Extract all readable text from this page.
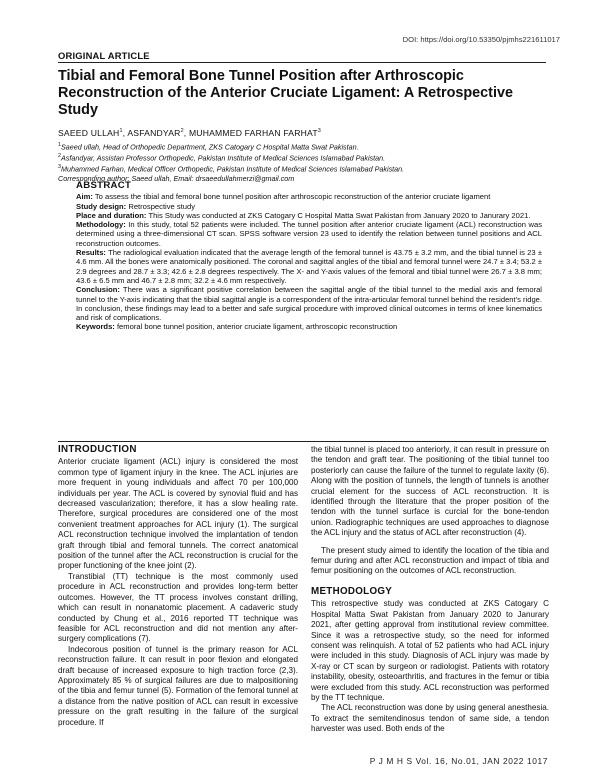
DOI: https://doi.org/10.53350/pjmhs221611017
ORIGINAL ARTICLE
Tibial and Femoral Bone Tunnel Position after Arthroscopic Reconstruction of the Anterior Cruciate Ligament: A Retrospective Study
SAEED ULLAH$^1$, ASFANDYAR$^2$, MUHAMMED FARHAN FARHAT$^3$
$^1$Saeed ullah, Head of Orthopedic Department, ZKS Catogary C Hospital Matta Swat Pakistan.
$^2$Asfandyar, Assistan Professor Orthopedic, Pakistan Institute of Medical Sciences Islamabad Pakistan.
$^3$Muhammed Farhan, Medical Officer Orthopedic, Pakistan Institute of Medical Sciences Islamabad Pakistan.
Corresponding author: Saeed ullah, Email: drsaeedullahmerzi@gmail.com
ABSTRACT

Aim: To assess the tibial and femoral bone tunnel position after arthroscopic reconstruction of the anterior cruciate ligament

Study design: Retrospective study

Place and duration: This Study was conducted at ZKS Catogary C Hospital Matta Swat Pakistan from January 2020 to Janurary 2021.

Methodology: In this study, total 52 patients were included. The tunnel position after anterior cruciate ligament (ACL) reconstruction was determined using a three-dimensional CT scan. SPSS software version 23 used to identify the relation between tunnel positions and ACL reconstruction outcomes.

Results: The radiological evaluation indicated that the average length of the femoral tunnel is 43.75 ± 3.2 mm, and the tibial tunnel is 23 ± 4.6 mm. All the bones were anatomically positioned. The coronal and sagittal angles of the tibial and femoral tunnel were 24.7 ± 3.4; 53.2 ± 2.9 degrees and 28.7 ± 3.3; 42.6 ± 2.8 degrees respectively. The X- and Y-axis values of the femoral and tibial tunnel were 26.7 ± 3.8 mm; 43.6 ± 6.5 mm and 46.7 ± 2.8 mm; 32.2 ± 4.6 mm respectively.

Conclusion: There was a significant positive correlation between the sagittal angle of the tibial tunnel to the medial axis and femoral tunnel to the Y-axis indicating that the tibial sagittal angle is a correspondent of the intra-articular femoral tunnel behind the resident's ridge. In conclusion, these findings may lead to a better and safe surgical procedure with improved clinical outcomes in terms of knee kinematics and risk of complications.

Keywords: femoral bone tunnel position, anterior cruciate ligament, arthroscopic reconstruction

INTRODUCTION

Anterior cruciate ligament (ACL) injury is considered the most common type of ligament injury in the knee. The ACL injuries are more frequent in young individuals and affect 70 per 100,000 individuals per year. The ACL is covered by synovial fluid and has decreased vascularization; therefore, it has a slow healing rate. Therefore, surgical procedures are considered one of the most convenient treatment approaches for ACL injury (1). The surgical ACL reconstruction technique involved the implantation of tendon graft through tibial and femoral tunnels. The correct anatomical position of the tunnel after the ACL reconstruction is crucial for the proper functioning of the knee joint (2).

Transtibial (TT) technique is the most commonly used procedure in ACL reconstruction and provides long-term better outcomes. However, the TT process involves constant drilling, which can result in nonanatomic placement. A cadaveric study conducted by Chung et al., 2016 reported TT technique was feasible for ACL reconstruction and did not mention any after-surgery complications (7).

Indecorous position of tunnel is the primary reason for ACL reconstruction failure. It can result in poor flexion and elongated draft because of increased exposure to high traction force (2,3). Approximately 85 % of surgical failures are due to malpositioning of the tibia and femur tunnel (5). Formation of the femoral tunnel at a distance from the native position of ACL can result in excessive pressure on the graft resulting in the failure of the surgical procedure. If

the tibial tunnel is placed too anteriorly, it can result in pressure on the tendon and graft tear. The positioning of the tibial tunnel too posteriorly can cause the failure of the tunnel to regulate laxity (6). Along with the position of tunnels, the length of tunnels is another crucial element for the success of ACL reconstruction. It is identified through the literature that the proper position of the tendon with the tunnel surface is curcial for the bone-tendon union. Radiographic techniques are used approaches to diagnose the ACL injury and the status of ACL after reconstruction (4).

The present study aimed to identify the location of the tibia and femur during and after ACL reconstruction and impact of tibia and femur positioning on the outcomes of ACL reconstruction.

METHODOLOGY

This retrospective study was conducted at ZKS Catogary C Hospital Matta Swat Pakistan from January 2020 to Janurary 2021, after getting approval from institutional review committee. Since it was a retrospective study, so the need for informed consent was relinquish. A total of 52 patients who had ACL injury were included in this study. Diagnosis of ACL injury was made by X-ray or CT scan by surgeon or radiologist. Patients with rotatory instability, obesity, osteoarthritis, and fractures in the femur or tibia were excluded from this study. ACL reconstruction was performed by the TT technique.

The ACL reconstruction was done by using general anesthesia. To extract the semitendinosus tendon of same side, a tendon harvester was used. Both ends of the

P J M H S Vol. 16, No.01, JAN 2022 1017
